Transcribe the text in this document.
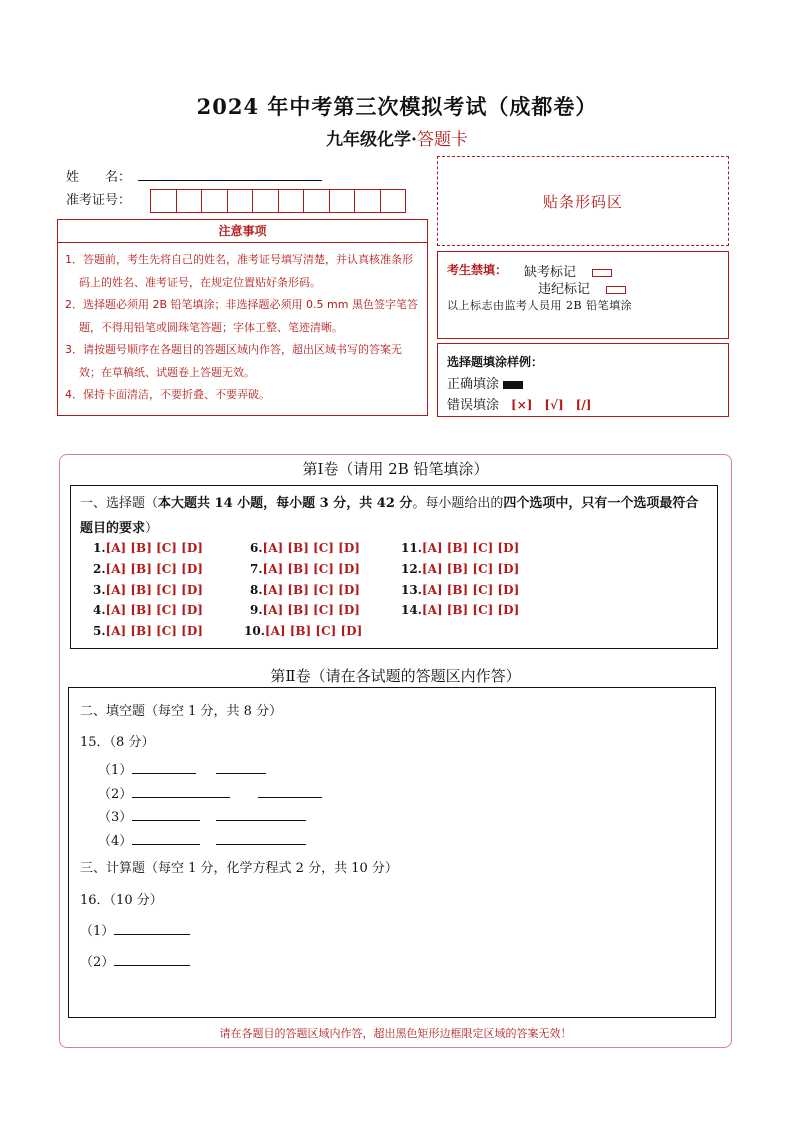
2024 年中考第三次模拟考试（成都卷）
九年级化学·答题卡
姓　　名：
准考证号：	贴条形码区
注意事项
1．答题前，考生先将自己的姓名，准考证号填写清楚，并认真核准条形码上的姓名、准考证号，在规定位置贴好条形码。
2．选择题必须用 2B 铅笔填涂；非选择题必须用 0.5 mm 黑色签字笔答题，不得用铅笔或圆珠笔答题；字体工整、笔迹清晰。
3．请按题号顺序在各题目的答题区域内作答，超出区域书写的答案无效；在草稿纸、试题卷上答题无效。
4．保持卡面清洁，不要折叠、不要弄破。
考生禁填： 缺考标记
违纪标记
以上标志由监考人员用 2B 铅笔填涂
选择题填涂样例：
正确填涂
错误填涂 [×]　[√]　[/]
第Ⅰ卷（请用 2B 铅笔填涂）
一、选择题（本大题共 14 小题，每小题 3 分，共 42 分。每小题给出的四个选项中，只有一个选项最符合题目的要求）
1.[A] [B] [C] [D]
2.[A] [B] [C] [D]
3.[A] [B] [C] [D]
4.[A] [B] [C] [D]
5.[A] [B] [C] [D]
6.[A] [B] [C] [D]
7.[A] [B] [C] [D]
8.[A] [B] [C] [D]
9.[A] [B] [C] [D]
10.[A] [B] [C] [D]
11.[A] [B] [C] [D]
12.[A] [B] [C] [D]
13.[A] [B] [C] [D]
14.[A] [B] [C] [D]
第Ⅱ卷（请在各试题的答题区内作答）
二、填空题（每空 1 分，共 8 分）
15．（8 分）
（1）
（2）
（3）
（4）
三、计算题（每空 1 分，化学方程式 2 分，共 10 分）
16．（10 分）
（1）
（2）
请在各题目的答题区域内作答，超出黑色矩形边框限定区域的答案无效！
